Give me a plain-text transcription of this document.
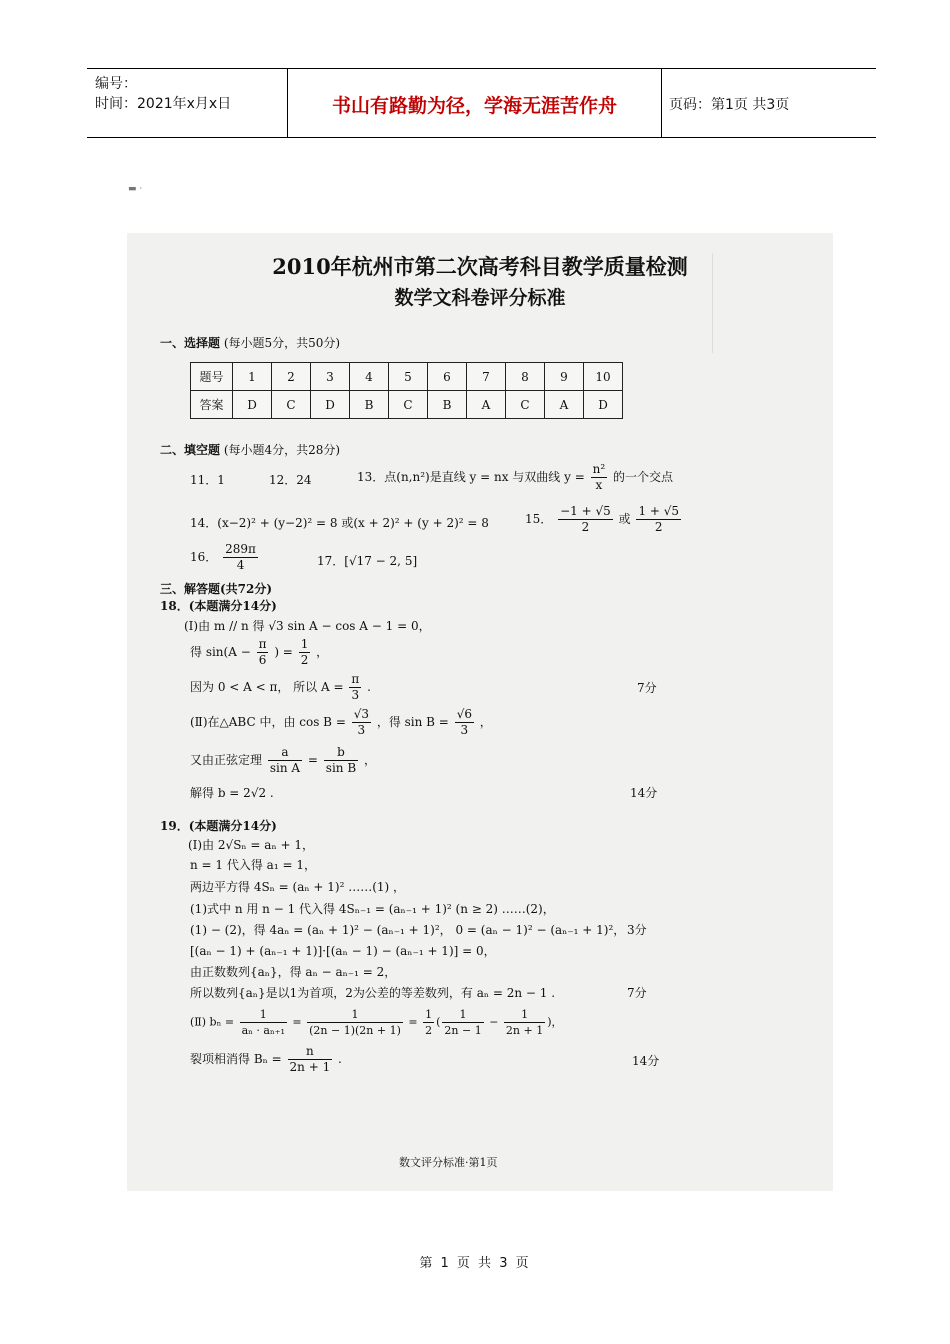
编号：
时间：2021年x月x日	书山有路勤为径，学海无涯苦作舟	页码：第1页 共3页
▬ ·
2010年杭州市第二次高考科目教学质量检测
数学文科卷评分标准
一、选择题 (每小题5分，共50分)
题号	1	2	3	4	5	6	7	8	9	10
答案	D	C	D	B	C	B	A	C	A	D
二、填空题 (每小题4分，共28分)
11．1	12．24	13．点(n,n²)是直线 y = nx 与双曲线 $y = \frac{\text{n²}}{x}$ 的一个交点
14．(x−2)² + (y−2)² = 8 或(x + 2)² + (y + 2)² = 8	15． $\frac{-1 + √5}{2}$ 或 $\frac{1 + √5}{2}$
16． $\frac{289\pi}{4}$	17．[√17 − 2, 5]
三、解答题(共72分)
18．(本题满分14分)
(Ⅰ)由 m // n 得 √3 sin A − cos A − 1 = 0，
得 $\sin(A - \frac{\pi}{6}$ ) = $\frac{1}{2}$ ，
因为 0 < A < π， 所以 $A = \frac{\pi}{3}$ .	7分
(Ⅱ)在△ABC 中，由 $\cos B = \frac{√3}{3}$ ，得 $\sin B = \frac{√6}{3}$ ，
又由正弦定理 $\frac{a}{\text{sin A}} = \frac{b}{\text{sin B}}$ ，
解得 b = 2√2 .	14分
19．(本题满分14分)
(Ⅰ)由 2√Sₙ = aₙ + 1，
n = 1 代入得 a₁ = 1，
两边平方得 4Sₙ = (aₙ + 1)² ……(1) ，
(1)式中 n 用 n − 1 代入得 4Sₙ₋₁ = (aₙ₋₁ + 1)² (n ≥ 2) ……(2)，
(1) − (2)，得 4aₙ = (aₙ + 1)² − (aₙ₋₁ + 1)²， 0 = (aₙ − 1)² − (aₙ₋₁ + 1)²， 3分
[(aₙ − 1) + (aₙ₋₁ + 1)]·[(aₙ − 1) − (aₙ₋₁ + 1)] = 0，
由正数数列{aₙ}，得 aₙ − aₙ₋₁ = 2，
所以数列{aₙ}是以1为首项，2为公差的等差数列，有 aₙ = 2n − 1 .	7分
(Ⅱ) $b_n = \frac{1}{\text{aₙ · aₙ₊₁}} = \frac{1}{(2n - 1)(2n + 1)} = \frac{1}{2}$ ( $\frac{1}{2n - 1} - \frac{1}{2n + 1}$ )，
裂项相消得 $B_n = \frac{n}{2n + 1}$ .	14分
数文评分标准·第1页
第 1 页 共 3 页
